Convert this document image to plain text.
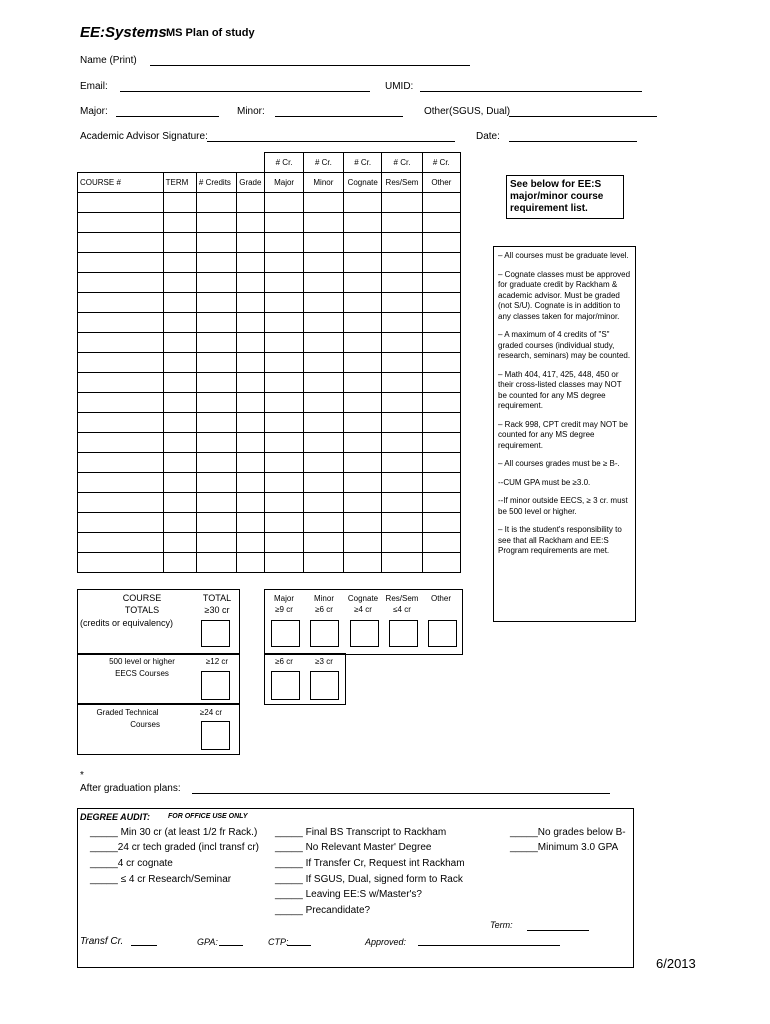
EE:Systems MS Plan of study
Name (Print)
Email:	UMID:
Major:	Minor:	Other(SGUS, Dual)
Academic Advisor Signature:	Date:
				# Cr.	# Cr.	# Cr.	# Cr.	# Cr.
COURSE #	TERM	# Credits	Grade	Major	Minor	Cognate	Res/Sem	Other

									See below for EE:S major/minor course requirement list.

– All courses must be graduate level.

– Cognate classes must be approved for graduate credit by Rackham & academic advisor. Must be graded (not S/U). Cognate is in addition to any classes taken for major/minor.

– A maximum of 4 credits of "S" graded courses (individual study, research, seminars) may be counted.

– Math 404, 417, 425, 448, 450 or their cross-listed classes may NOT be counted for any MS degree requirement.

– Rack 998, CPT credit may NOT be counted for any MS degree requirement.

– All courses grades must be ≥ B-.

--CUM GPA must be ≥3.0.

--If minor outside EECS, ≥ 3 cr. must be 500 level or higher.

– It is the student's responsibility to see that all Rackham and EE:S Program requirements are met.

COURSE
TOTALS
(credits or equivalency)
TOTAL
≥30 cr
Major
≥9 cr
Minor
≥6 cr
Cognate
≥4 cr
Res/Sem
≤4 cr
Other
500 level or higher
EECS Courses
≥12 cr	≥6 cr	≥3 cr
Graded Technical
Courses
≥24 cr
*
After graduation plans:
DEGREE AUDIT:	FOR OFFICE USE ONLY
_____ Min 30 cr (at least 1/2 fr Rack.)
_____24 cr tech graded (incl transf cr)
_____4 cr cognate
_____ ≤ 4 cr Research/Seminar
_____ Final BS Transcript to Rackham
_____ No Relevant Master' Degree
_____ If Transfer Cr, Request int Rackham
_____ If SGUS, Dual, signed form to Rack
_____ Leaving EE:S w/Master's?
_____ Precandidate?
_____No grades below B-
_____Minimum 3.0 GPA
Term:
Transf Cr.	GPA:	CTP:	Approved:
6/2013
